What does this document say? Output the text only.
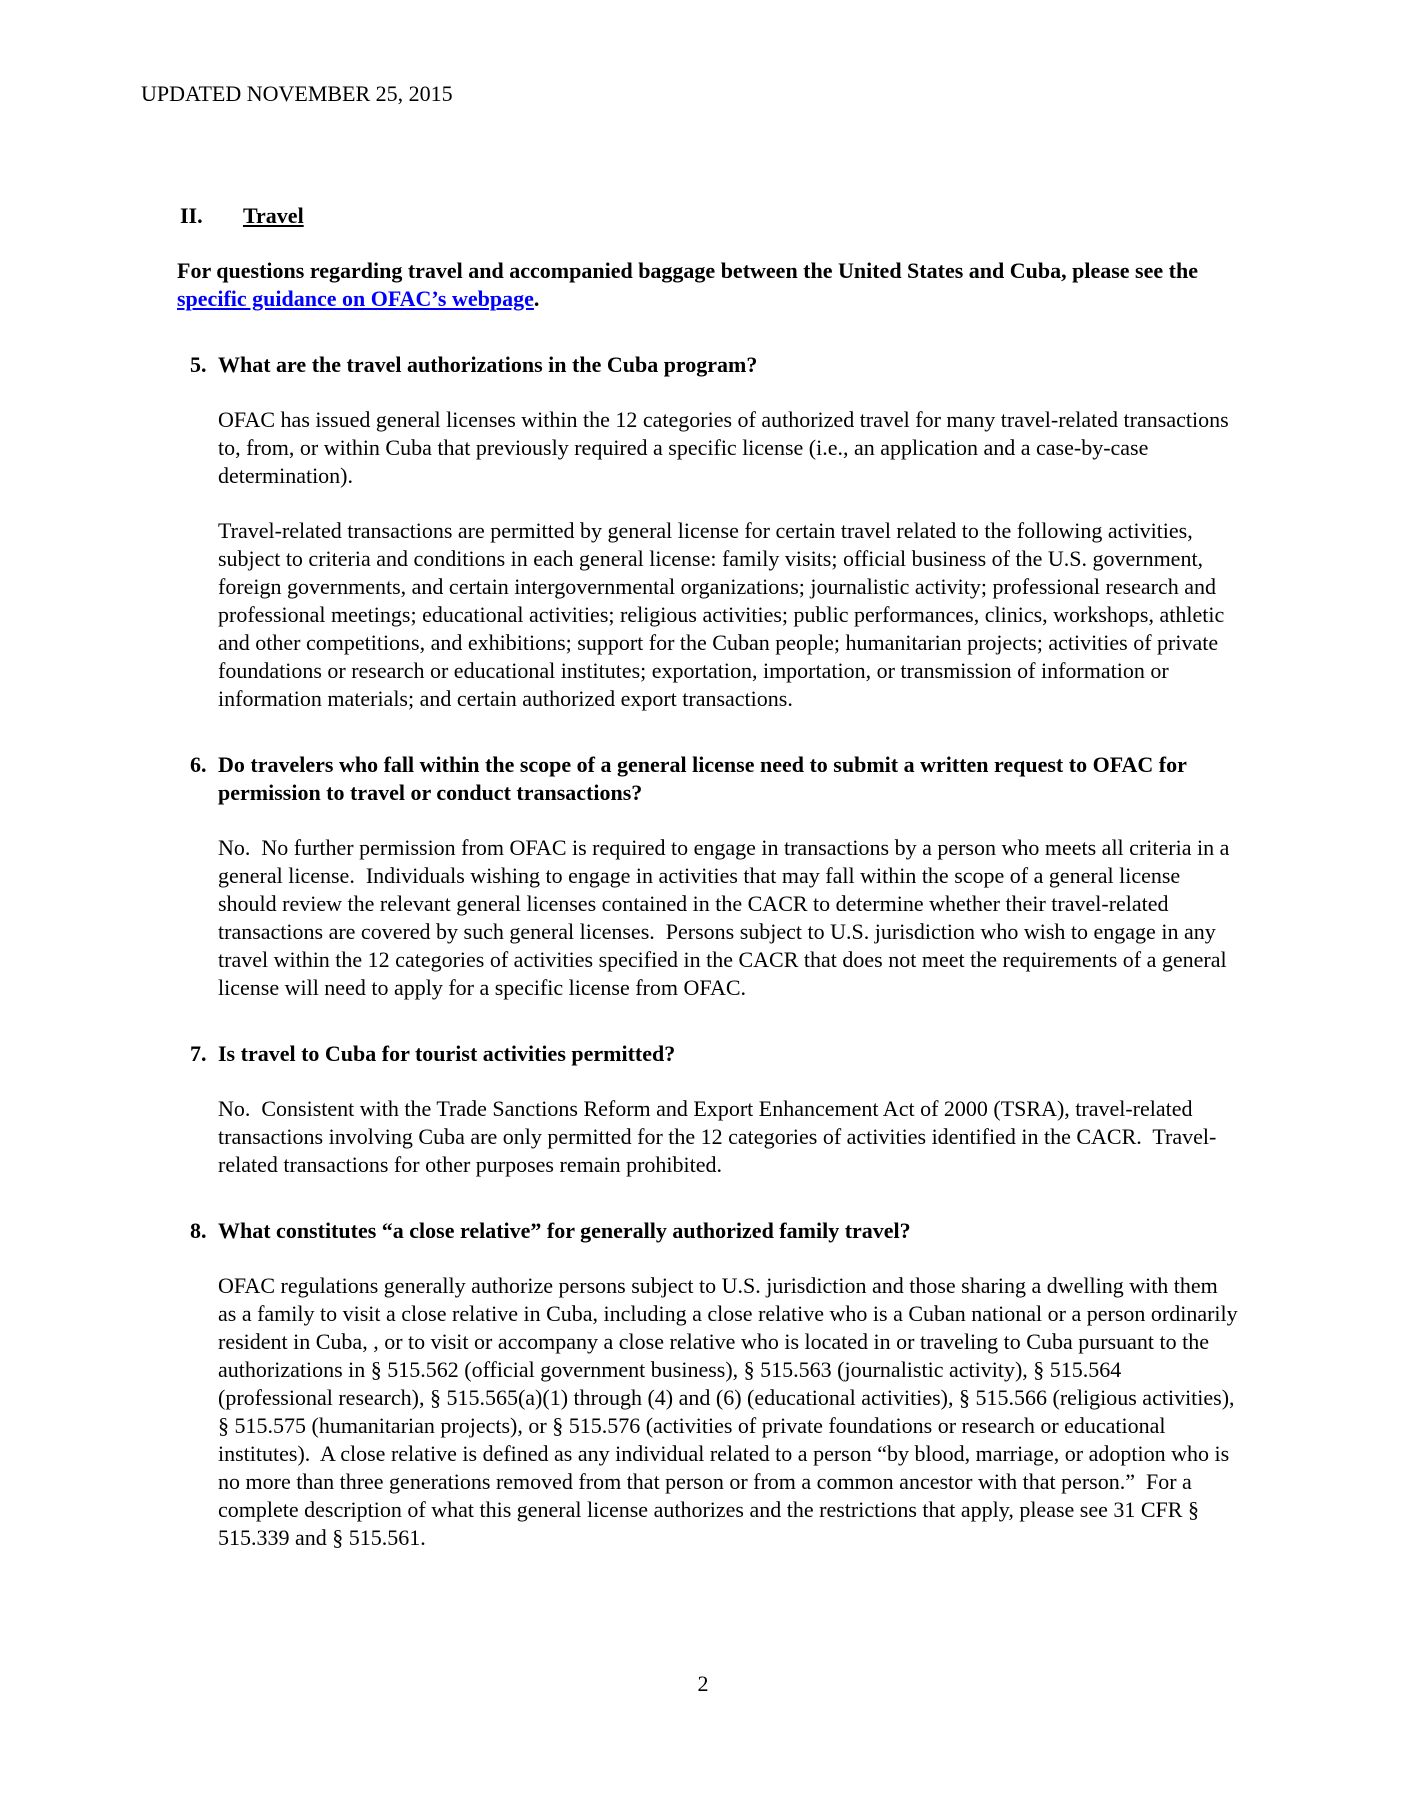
UPDATED NOVEMBER 25, 2015
II. Travel

For questions regarding travel and accompanied baggage between the United States and Cuba, please see the specific guidance on OFAC’s webpage.

5. What are the travel authorizations in the Cuba program?

OFAC has issued general licenses within the 12 categories of authorized travel for many travel-related transactions to, from, or within Cuba that previously required a specific license (i.e., an application and a case-by-case determination).

Travel-related transactions are permitted by general license for certain travel related to the following activities, subject to criteria and conditions in each general license: family visits; official business of the U.S. government, foreign governments, and certain intergovernmental organizations; journalistic activity; professional research and professional meetings; educational activities; religious activities; public performances, clinics, workshops, athletic and other competitions, and exhibitions; support for the Cuban people; humanitarian projects; activities of private foundations or research or educational institutes; exportation, importation, or transmission of information or information materials; and certain authorized export transactions.

6. Do travelers who fall within the scope of a general license need to submit a written request to OFAC for permission to travel or conduct transactions?

No.  No further permission from OFAC is required to engage in transactions by a person who meets all criteria in a general license.  Individuals wishing to engage in activities that may fall within the scope of a general license should review the relevant general licenses contained in the CACR to determine whether their travel-related transactions are covered by such general licenses.  Persons subject to U.S. jurisdiction who wish to engage in any travel within the 12 categories of activities specified in the CACR that does not meet the requirements of a general license will need to apply for a specific license from OFAC.

7. Is travel to Cuba for tourist activities permitted?

No.  Consistent with the Trade Sanctions Reform and Export Enhancement Act of 2000 (TSRA), travel-related transactions involving Cuba are only permitted for the 12 categories of activities identified in the CACR.  Travel-related transactions for other purposes remain prohibited.

8. What constitutes “a close relative” for generally authorized family travel?

OFAC regulations generally authorize persons subject to U.S. jurisdiction and those sharing a dwelling with them as a family to visit a close relative in Cuba, including a close relative who is a Cuban national or a person ordinarily resident in Cuba, , or to visit or accompany a close relative who is located in or traveling to Cuba pursuant to the authorizations in § 515.562 (official government business), § 515.563 (journalistic activity), § 515.564 (professional research), § 515.565(a)(1) through (4) and (6) (educational activities), § 515.566 (religious activities), § 515.575 (humanitarian projects), or § 515.576 (activities of private foundations or research or educational institutes).  A close relative is defined as any individual related to a person “by blood, marriage, or adoption who is no more than three generations removed from that person or from a common ancestor with that person.”  For a complete description of what this general license authorizes and the restrictions that apply, please see 31 CFR § 515.339 and § 515.561.

2
